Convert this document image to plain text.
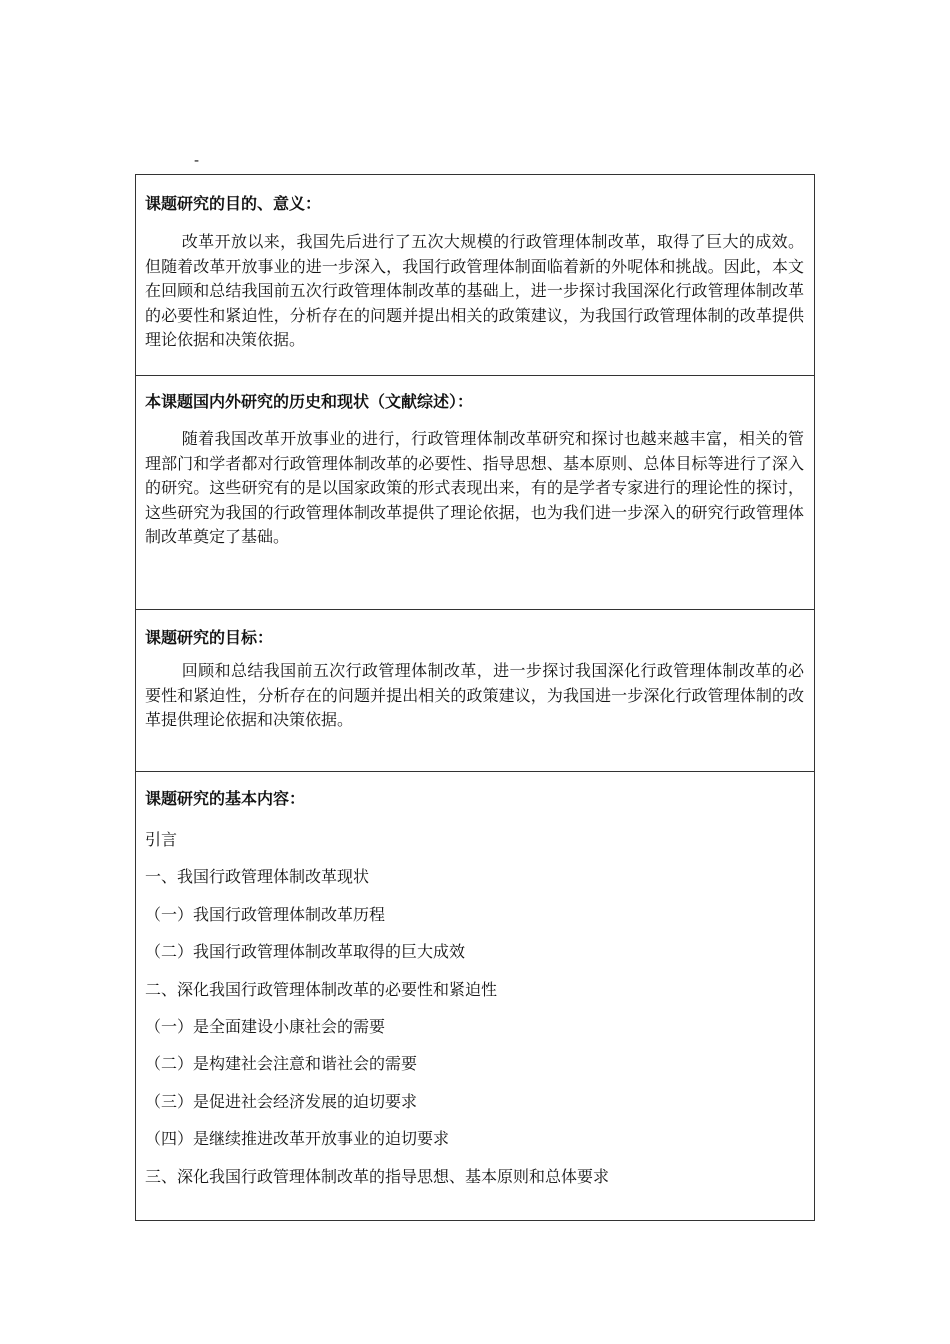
-
课题研究的目的、意义：

改革开放以来，我国先后进行了五次大规模的行政管理体制改革，取得了巨大的成效。但随着改革开放事业的进一步深入，我国行政管理体制面临着新的外呢体和挑战。因此，本文在回顾和总结我国前五次行政管理体制改革的基础上，进一步探讨我国深化行政管理体制改革的必要性和紧迫性，分析存在的问题并提出相关的政策建议，为我国行政管理体制的改革提供理论依据和决策依据。

本课题国内外研究的历史和现状（文献综述）：

随着我国改革开放事业的进行，行政管理体制改革研究和探讨也越来越丰富，相关的管理部门和学者都对行政管理体制改革的必要性、指导思想、基本原则、总体目标等进行了深入的研究。这些研究有的是以国家政策的形式表现出来，有的是学者专家进行的理论性的探讨，这些研究为我国的行政管理体制改革提供了理论依据，也为我们进一步深入的研究行政管理体制改革奠定了基础。

课题研究的目标：

回顾和总结我国前五次行政管理体制改革，进一步探讨我国深化行政管理体制改革的必要性和紧迫性，分析存在的问题并提出相关的政策建议，为我国进一步深化行政管理体制的改革提供理论依据和决策依据。

课题研究的基本内容：
引言
一、我国行政管理体制改革现状
（一）我国行政管理体制改革历程
（二）我国行政管理体制改革取得的巨大成效
二、深化我国行政管理体制改革的必要性和紧迫性
（一）是全面建设小康社会的需要
（二）是构建社会注意和谐社会的需要
（三）是促进社会经济发展的迫切要求
（四）是继续推进改革开放事业的迫切要求
三、深化我国行政管理体制改革的指导思想、基本原则和总体要求
